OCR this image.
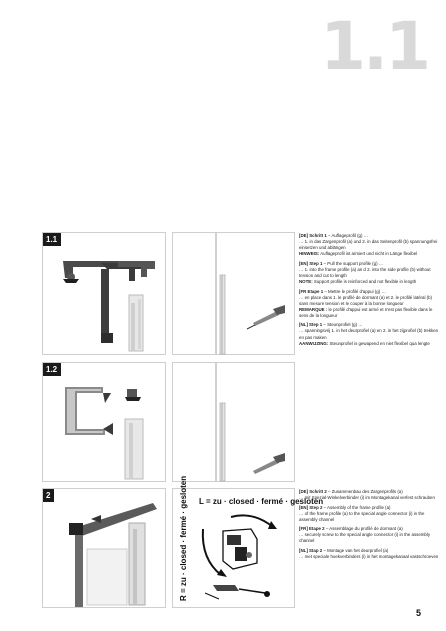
1.1
1.1
1.2
[DE] Schritt 1 – Auflageprofil (g) …
… 1. in das Zargenprofil (a) und 2. in das Seitenprofil (b) spannungsfrei einsetzen und ablängen
HINWEIS: Auflageprofil ist armiert und nicht in Länge flexibel
[EN] Step 1 – Pull the support profile (g) …
… 1. into the frame profile (a) an d 2. into the side profile (b) without tension and cut to length
NOTE: Support profile is reinforced and not flexible in length
[FR Etape 1 – Mettre le profilé d'appui (g) …
… en place dans 1. le profilé de dormant (a) et 2. le profilé latéral (b) sans mesure tension et le couper à la bonne longueur
REMARQUE : le profilé d'appui est armé et n'est pas flexible dans le sens de la longueur
[NL] Step 1 – Steunprofiel (g) …
… spanningsvrij 1. in het deurprofiel (a) en 2. in het zijprofiel (b) trekken en pas maken
AANWIJZING: Steunprofiel is gewapend en niet flexibel qua lengte
2
L = zu · closed · fermé · gesloten
R = zu · closed · fermé · gesloten	[DE] Schritt 2 – Zusammenbau des Zargenprofils (a)
… mit Spezial-Winkelverbinder (i) im Montagekanal verfest schrauben
[EN] Step 2 – Assembly of the frame profile (a)
… of the frame profile (a) to the special angle connector (i) in the assembly channel
[FR] Etape 2 – Assemblage du profilé de dormant (a)
… securely screw to the special angle connector (i) in the assembly channel
[NL] Stap 2 – Montage van het deurprofiel (a)
… met speciale hoekverbinders (i) in het montagekanaal vastschroeven
5
